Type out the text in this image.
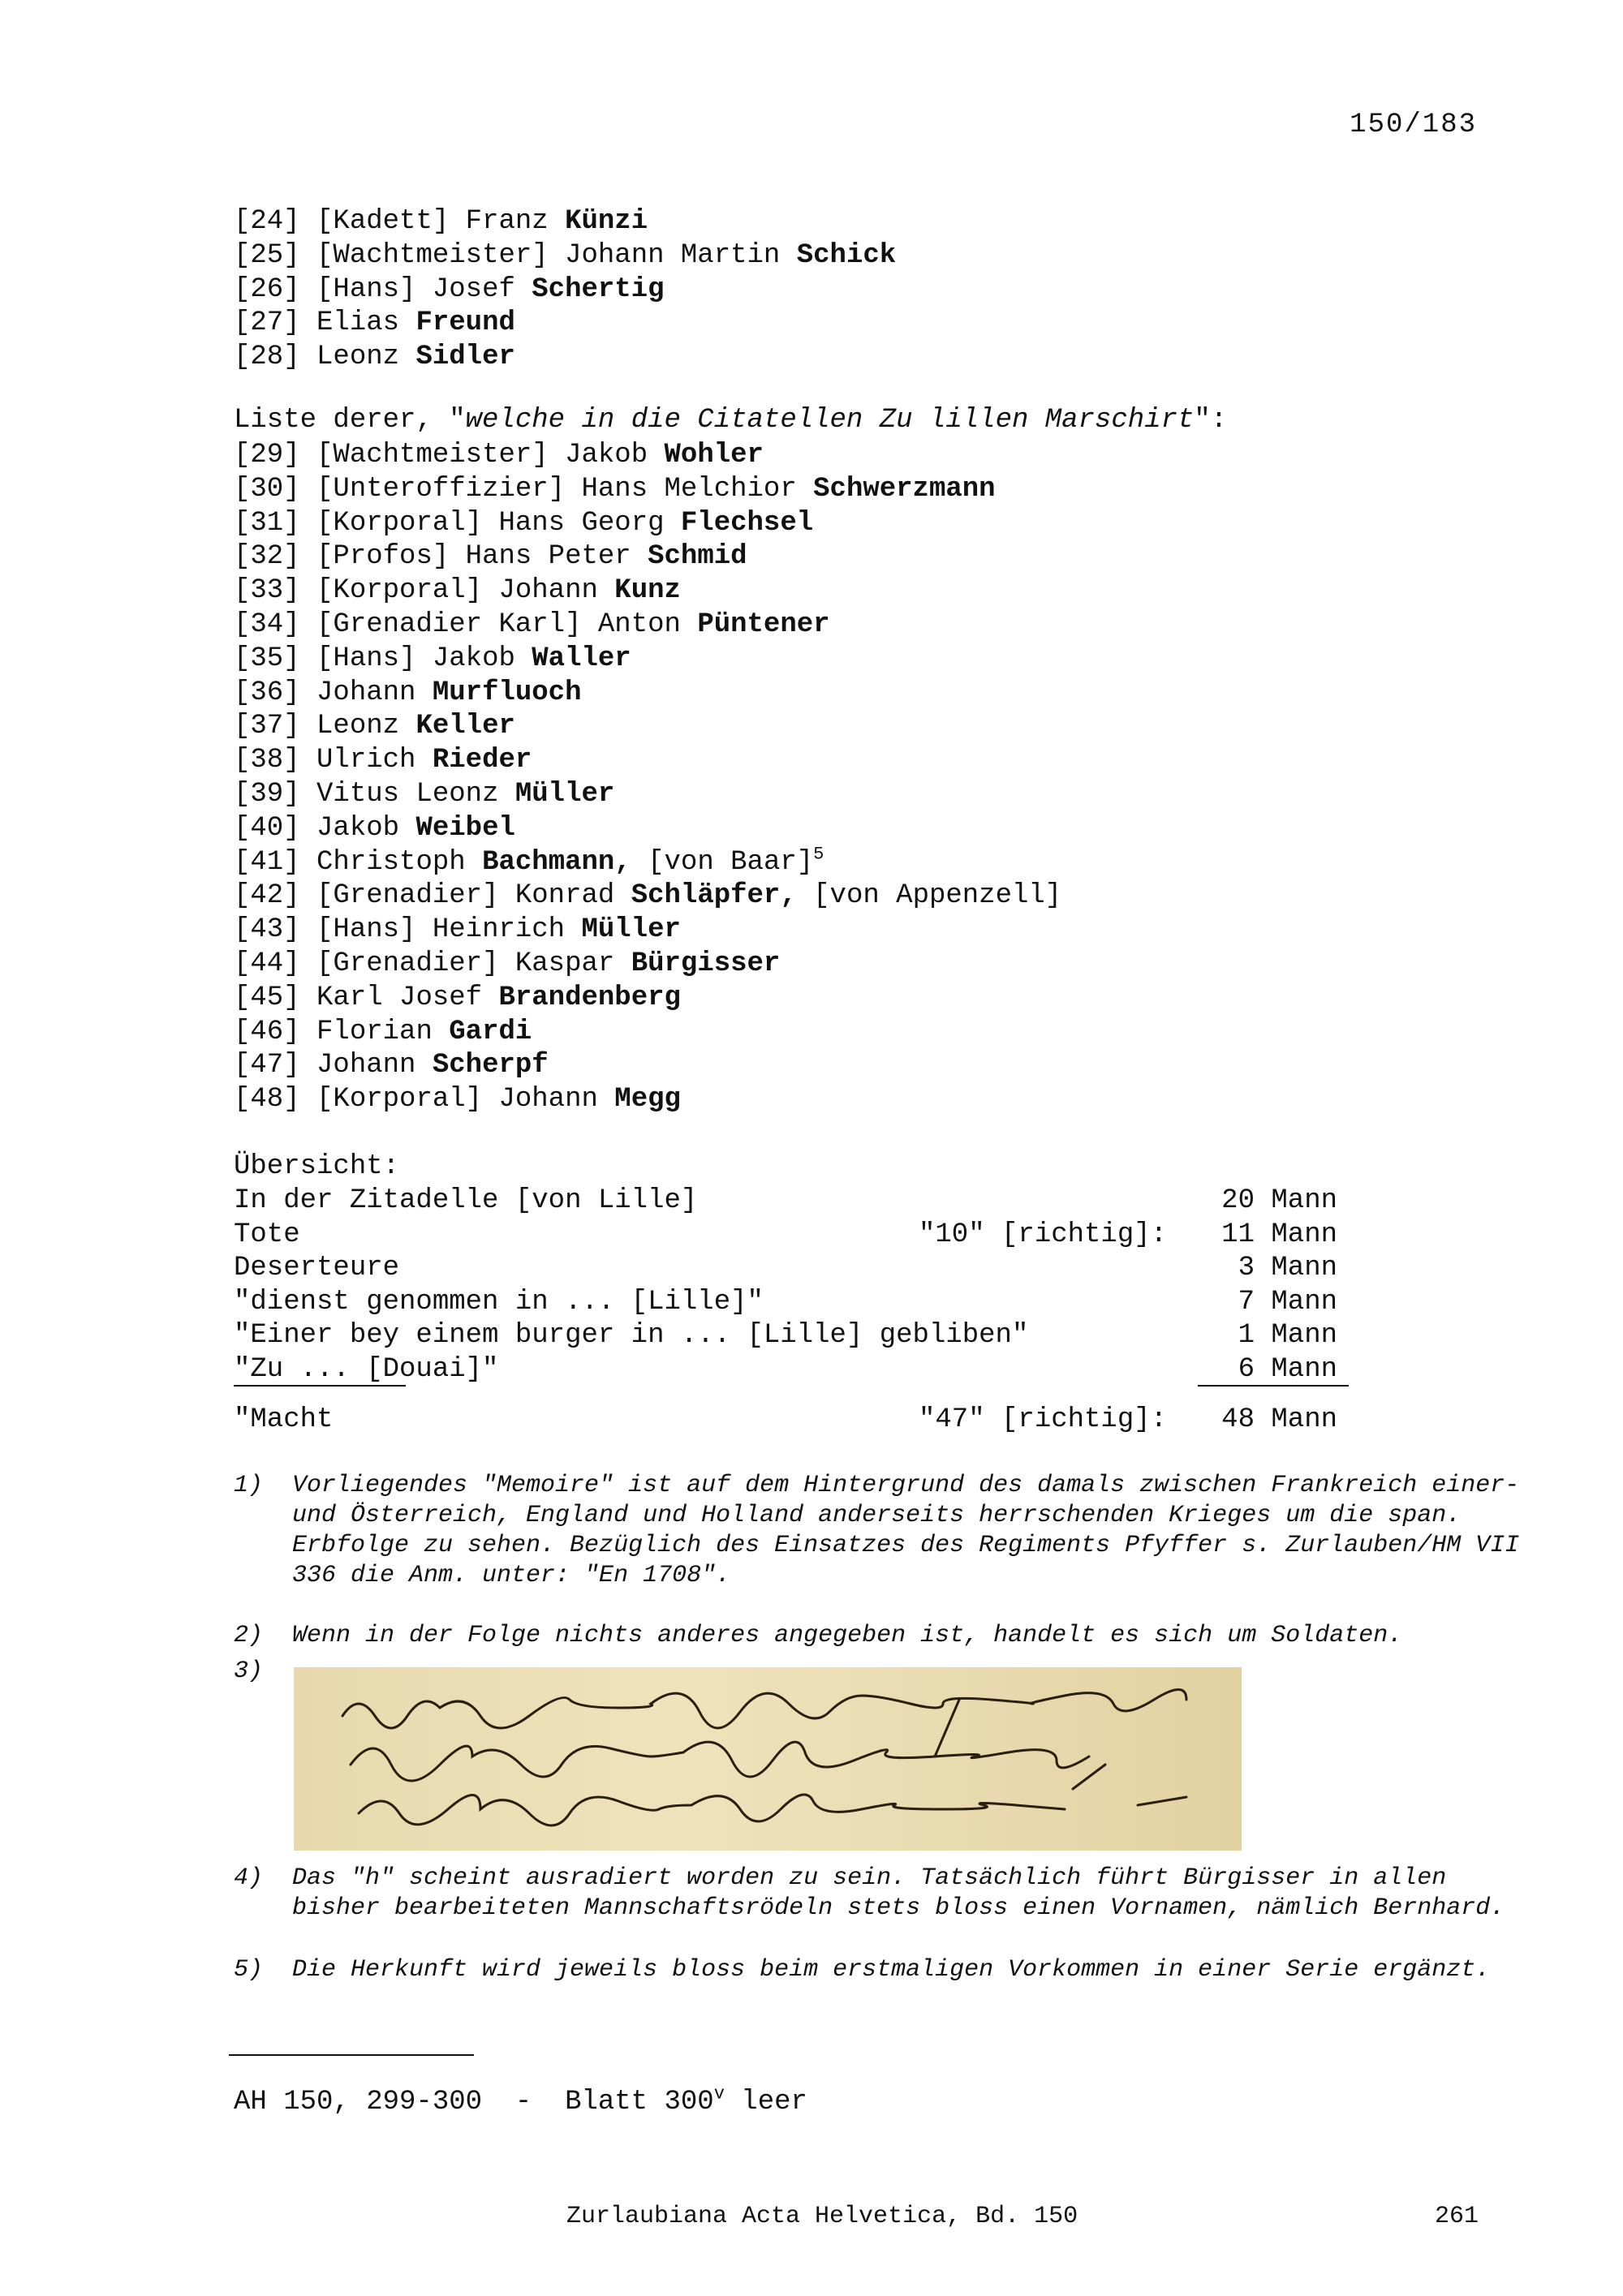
150/183
[24] [Kadett] Franz Künzi
[25] [Wachtmeister] Johann Martin Schick
[26] [Hans] Josef Schertig
[27] Elias Freund
[28] Leonz Sidler
Liste derer, "welche in die Citatellen Zu lillen Marschirt":
[29] [Wachtmeister] Jakob Wohler
[30] [Unteroffizier] Hans Melchior Schwerzmann
[31] [Korporal] Hans Georg Flechsel
[32] [Profos] Hans Peter Schmid
[33] [Korporal] Johann Kunz
[34] [Grenadier Karl] Anton Püntener
[35] [Hans] Jakob Waller
[36] Johann Murfluoch
[37] Leonz Keller
[38] Ulrich Rieder
[39] Vitus Leonz Müller
[40] Jakob Weibel
[41] Christoph Bachmann, [von Baar]$^5$
[42] [Grenadier] Konrad Schläpfer, [von Appenzell]
[43] [Hans] Heinrich Müller
[44] [Grenadier] Kaspar Bürgisser
[45] Karl Josef Brandenberg
[46] Florian Gardi
[47] Johann Scherpf
[48] [Korporal] Johann Megg
Übersicht:
In der Zitadelle [von Lille]	20 Mann
Tote	"10" [richtig]: 11 Mann
Deserteure	3 Mann
"dienst genommen in ... [Lille]"	7 Mann
"Einer bey einem burger in ... [Lille] gebliben"	1 Mann
"Zu ... [Douai]"	6 Mann
"Macht	"47" [richtig]: 48 Mann
1) Vorliegendes "Memoire" ist auf dem Hintergrund des damals zwischen Frankreich einer- und Österreich, England und Holland anderseits herrschenden Krieges um die span. Erbfolge zu sehen. Bezüglich des Einsatzes des Regiments Pfyffer s. Zurlauben/HM VII 336 die Anm. unter: "En 1708".
2) Wenn in der Folge nichts anderes angegeben ist, handelt es sich um Soldaten.
3)
4) Das "h" scheint ausradiert worden zu sein. Tatsächlich führt Bürgisser in allen bisher bearbeiteten Mannschaftsrödeln stets bloss einen Vornamen, nämlich Bernhard.
5) Die Herkunft wird jeweils bloss beim erstmaligen Vorkommen in einer Serie ergänzt.
AH 150, 299-300  -  Blatt 300$^v$ leer
Zurlaubiana Acta Helvetica, Bd. 150	261
